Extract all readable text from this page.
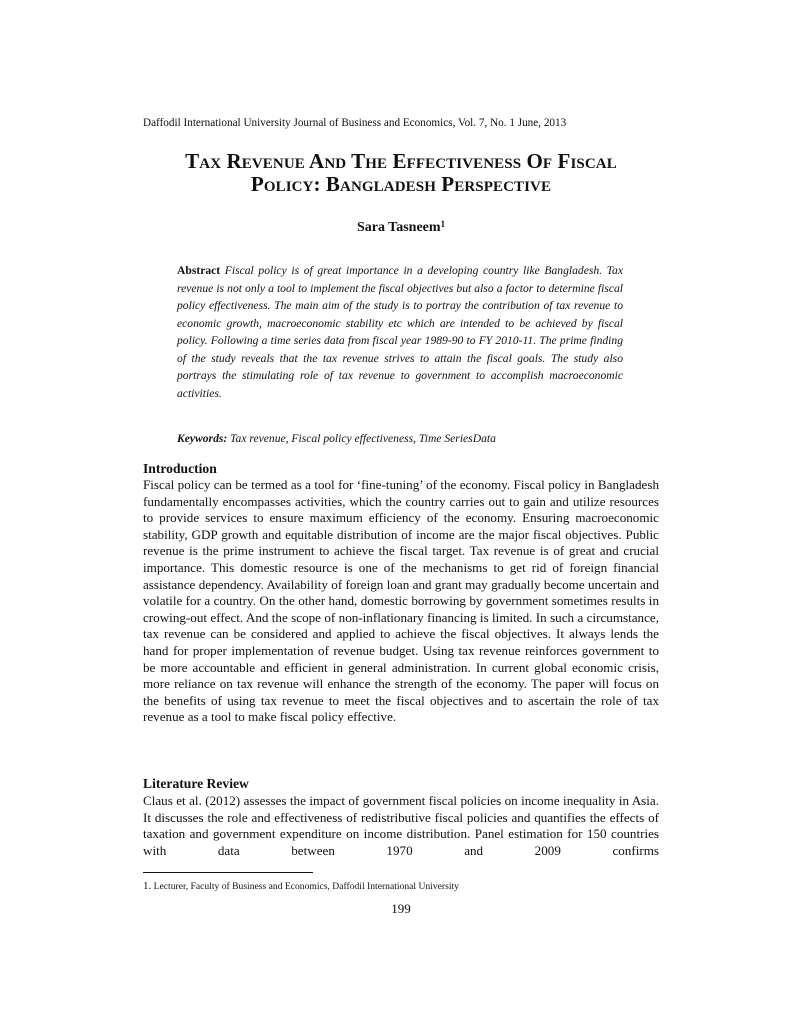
Daffodil International University Journal of Business and Economics, Vol. 7, No. 1 June, 2013
Tax Revenue And The Effectiveness Of Fiscal
Policy: Bangladesh Perspective
Sara Tasneem$^1$
Abstract Fiscal policy is of great importance in a developing country like Bangladesh. Tax revenue is not only a tool to implement the fiscal objectives but also a factor to determine fiscal policy effectiveness. The main aim of the study is to portray the contribution of tax revenue to economic growth, macroeconomic stability etc which are intended to be achieved by fiscal policy. Following a time series data from fiscal year 1989-90 to FY 2010-11. The prime finding of the study reveals that the tax revenue strives to attain the fiscal goals. The study also portrays the stimulating role of tax revenue to government to accomplish macroeconomic activities.
Keywords: Tax revenue, Fiscal policy effectiveness, Time SeriesData
Introduction
Fiscal policy can be termed as a tool for ‘fine-tuning’ of the economy. Fiscal policy in Bangladesh fundamentally encompasses activities, which the country carries out to gain and utilize resources to provide services to ensure maximum efficiency of the economy. Ensuring macroeconomic stability, GDP growth and equitable distribution of income are the major fiscal objectives. Public revenue is the prime instrument to achieve the fiscal target. Tax revenue is of great and crucial importance. This domestic resource is one of the mechanisms to get rid of foreign financial assistance dependency. Availability of foreign loan and grant may gradually become uncertain and volatile for a country. On the other hand, domestic borrowing by government sometimes results in crowing-out effect. And the scope of non-inflationary financing is limited. In such a circumstance, tax revenue can be considered and applied to achieve the fiscal objectives. It always lends the hand for proper implementation of revenue budget. Using tax revenue reinforces government to be more accountable and efficient in general administration. In current global economic crisis, more reliance on tax revenue will enhance the strength of the economy. The paper will focus on the benefits of using tax revenue to meet the fiscal objectives and to ascertain the role of tax revenue as a tool to make fiscal policy effective.
Literature Review
Claus et al. (2012) assesses the impact of government fiscal policies on income inequality in Asia. It discusses the role and effectiveness of redistributive fiscal policies and quantifies the effects of taxation and government expenditure on income distribution. Panel estimation for 150 countries with data between 1970 and 2009 confirms
1. Lecturer, Faculty of Business and Economics, Daffodil International University
199
